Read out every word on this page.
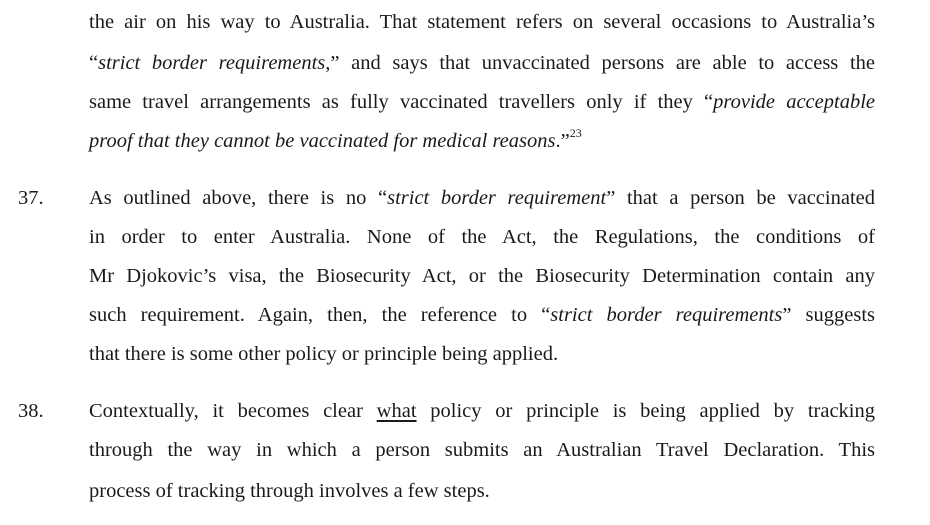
the air on his way to Australia. That statement refers on several occasions to Australia’s
“strict border requirements,” and says that unvaccinated persons are able to access the
same travel arrangements as fully vaccinated travellers only if they “provide acceptable
proof that they cannot be vaccinated for medical reasons.”$^{23}$
37. As outlined above, there is no “strict border requirement” that a person be vaccinated
in order to enter Australia. None of the Act, the Regulations, the conditions of
Mr Djokovic’s visa, the Biosecurity Act, or the Biosecurity Determination contain any
such requirement. Again, then, the reference to “strict border requirements” suggests
that there is some other policy or principle being applied.
38. Contextually, it becomes clear what policy or principle is being applied by tracking
through the way in which a person submits an Australian Travel Declaration. This
process of tracking through involves a few steps.
